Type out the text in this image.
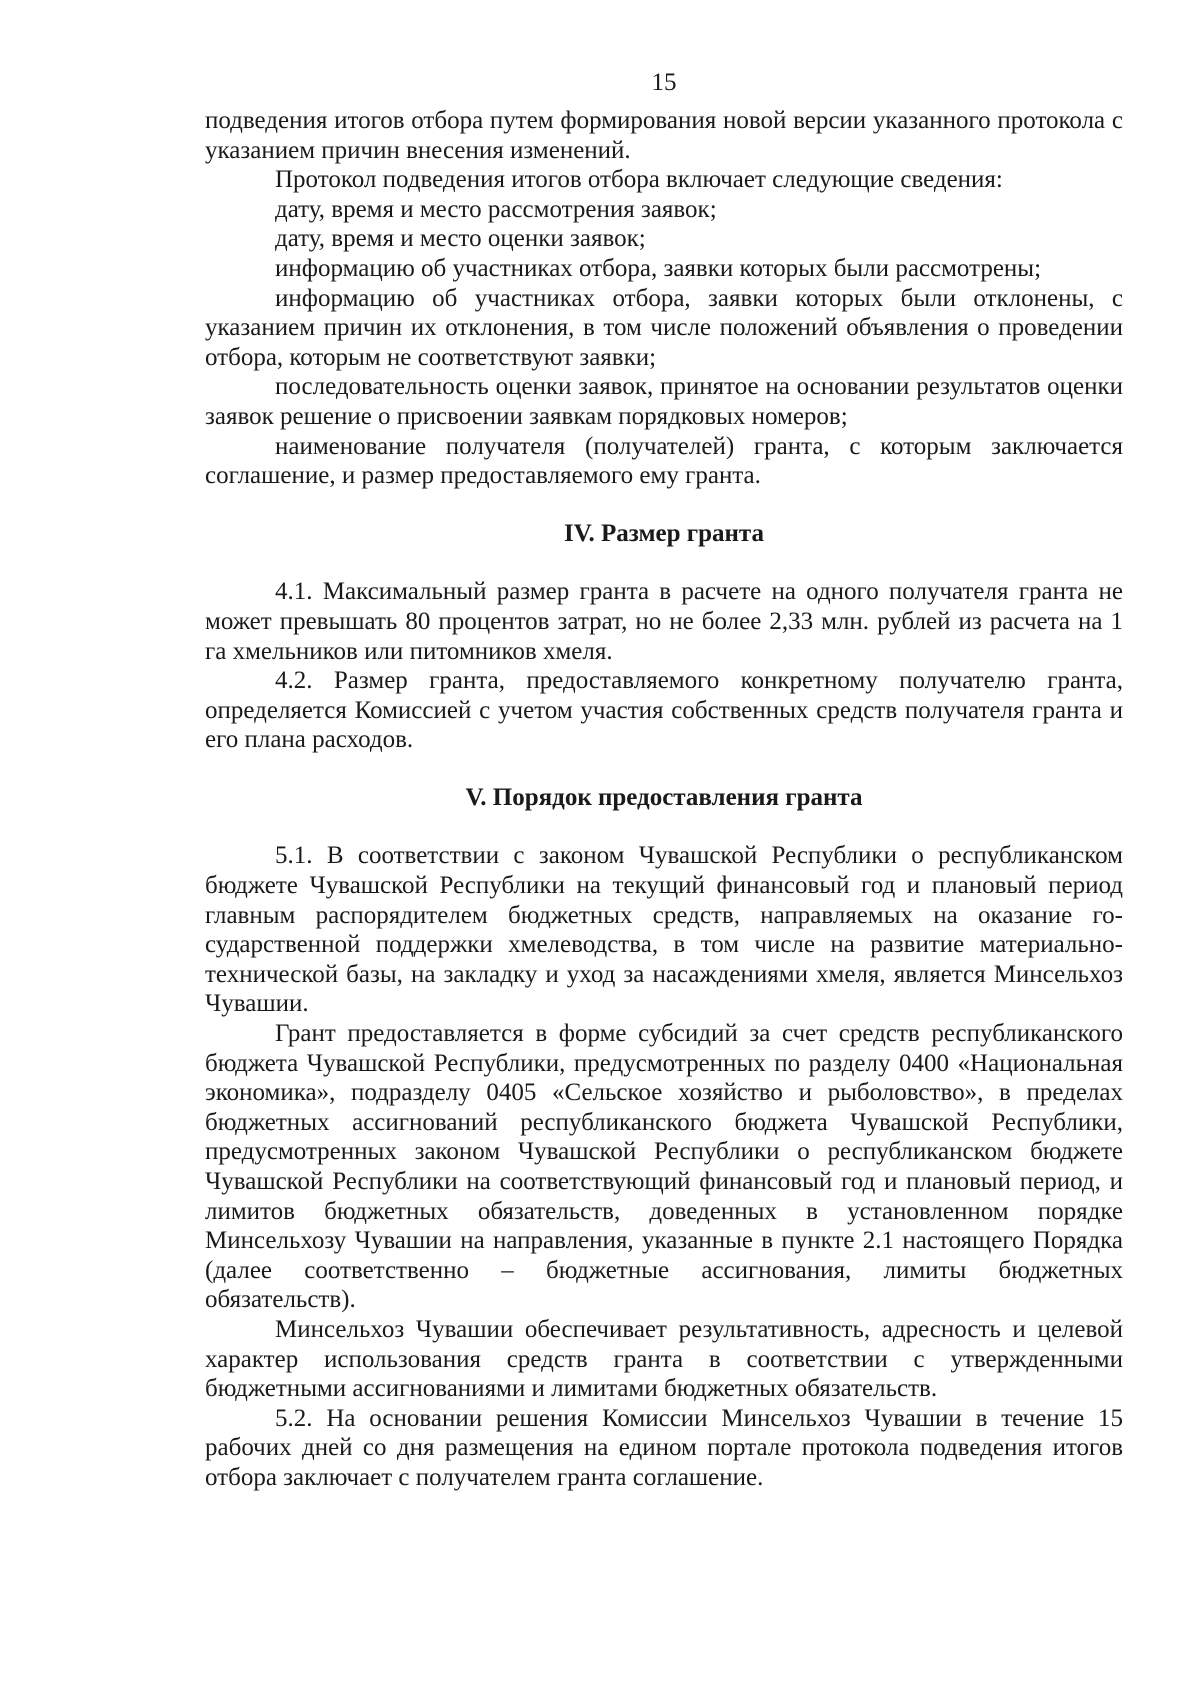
15

подведения итогов отбора путем формирования новой версии указанного протокола с указанием причин внесения изменений.

Протокол подведения итогов отбора включает следующие сведения:

дату, время и место рассмотрения заявок;

дату, время и место оценки заявок;

информацию об участниках отбора, заявки которых были рассмотрены;

информацию об участниках отбора, заявки которых были отклонены, с указанием причин их отклонения, в том числе положений объявления о проведении отбора, которым не соответствуют заявки;

последовательность оценки заявок, принятое на основании результатов оценки заявок решение о присвоении заявкам порядковых номеров;

наименование получателя (получателей) гранта, с которым заключается соглашение, и размер предоставляемого ему гранта.

IV. Размер гранта

4.1. Максимальный размер гранта в расчете на одного получателя гранта не может превышать 80 процентов затрат, но не более 2,33 млн. рублей из расчета на 1 га хмельников или питомников хмеля.

4.2. Размер гранта, предоставляемого конкретному получателю гранта, определяется Комиссией с учетом участия собственных средств получателя гранта и его плана расходов.

V. Порядок предоставления гранта

5.1. В соответствии с законом Чувашской Республики о республиканском бюджете Чувашской Республики на текущий финансовый год и плановый период главным распорядителем бюджетных средств, направляемых на оказание государственной поддержки хмелеводства, в том числе на развитие материально-технической базы, на закладку и уход за насаждениями хмеля, является Минсельхоз Чувашии.

Грант предоставляется в форме субсидий за счет средств республиканского бюджета Чувашской Республики, предусмотренных по разделу 0400 «Национальная экономика», подразделу 0405 «Сельское хозяйство и рыболовство», в пределах бюджетных ассигнований республиканского бюджета Чувашской Республики, предусмотренных законом Чувашской Республики о республиканском бюджете Чувашской Республики на соответствующий финансовый год и плановый период, и лимитов бюджетных обязательств, доведенных в установленном порядке Минсельхозу Чувашии на направления, указанные в пункте 2.1 настоящего Порядка (далее соответственно – бюджетные ассигнования, лимиты бюджетных обязательств).

Минсельхоз Чувашии обеспечивает результативность, адресность и целевой характер использования средств гранта в соответствии с утвержденными бюджетными ассигнованиями и лимитами бюджетных обязательств.

5.2. На основании решения Комиссии Минсельхоз Чувашии в течение 15 рабочих дней со дня размещения на едином портале протокола подведения итогов отбора заключает с получателем гранта соглашение.
